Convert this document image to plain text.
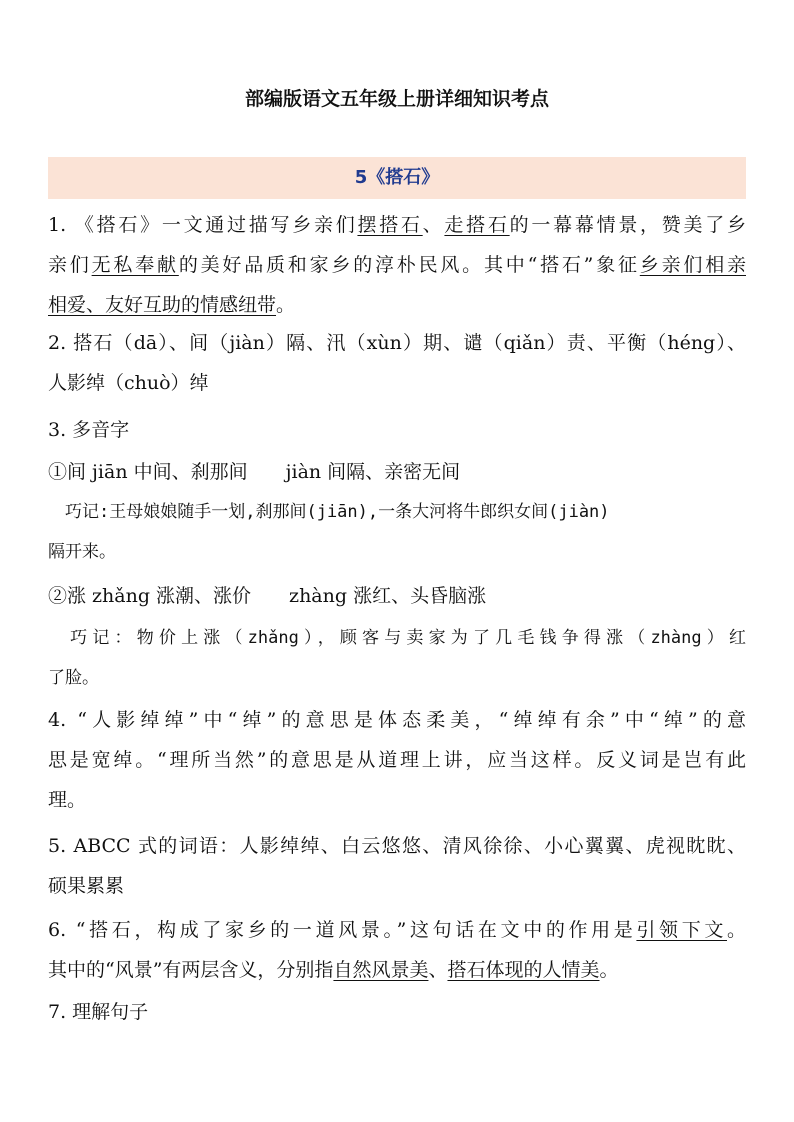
部编版语文五年级上册详细知识考点
5《搭石》
1. 《搭石》一文通过描写乡亲们摆搭石、走搭石的一幕幕情景，赞美了乡
亲们无私奉献的美好品质和家乡的淳朴民风。其中“搭石”象征乡亲们相亲
相爱、友好互助的情感纽带。
2. 搭石（dā）、间（jiàn）隔、汛（xùn）期、谴（qiǎn）责、平衡（héng）、
人影绰（chuò）绰
3. 多音字
①间 jiān 中间、刹那间　　jiàn 间隔、亲密无间
　巧记:王母娘娘随手一划,刹那间(jiān),一条大河将牛郎织女间(jiàn)
隔开来。
②涨 zhǎng 涨潮、涨价　　zhàng 涨红、头昏脑涨
　巧记：物价上涨（zhǎng），顾客与卖家为了几毛钱争得涨（zhàng）红
了脸。
4. “人影绰绰”中“绰”的意思是体态柔美，“绰绰有余”中“绰”的意
思是宽绰。“理所当然”的意思是从道理上讲，应当这样。反义词是岂有此
理。
5. ABCC 式的词语：人影绰绰、白云悠悠、清风徐徐、小心翼翼、虎视眈眈、
硕果累累
6. “搭石，构成了家乡的一道风景。”这句话在文中的作用是引领下文。
其中的“风景”有两层含义，分别指自然风景美、搭石体现的人情美。
7. 理解句子
